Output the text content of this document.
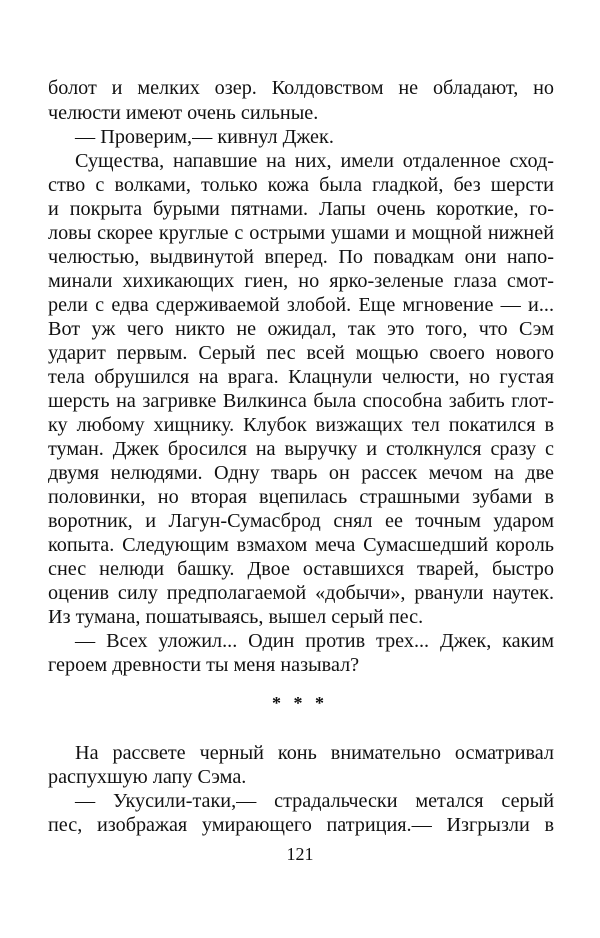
болот и мелких озер. Колдовством не обладают, но
челюсти имеют очень сильные.
— Проверим,— кивнул Джек.
Существа, напавшие на них, имели отдаленное сход-
ство с волками, только кожа была гладкой, без шерсти
и покрыта бурыми пятнами. Лапы очень короткие, го-
ловы скорее круглые с острыми ушами и мощной нижней
челюстью, выдвинутой вперед. По повадкам они напо-
минали хихикающих гиен, но ярко-зеленые глаза смот-
рели с едва сдерживаемой злобой. Еще мгновение — и...
Вот уж чего никто не ожидал, так это того, что Сэм
ударит первым. Серый пес всей мощью своего нового
тела обрушился на врага. Клацнули челюсти, но густая
шерсть на загривке Вилкинса была способна забить глот-
ку любому хищнику. Клубок визжащих тел покатился в
туман. Джек бросился на выручку и столкнулся сразу с
двумя нелюдями. Одну тварь он рассек мечом на две
половинки, но вторая вцепилась страшными зубами в
воротник, и Лагун-Сумасброд снял ее точным ударом
копыта. Следующим взмахом меча Сумасшедший король
снес нелюди башку. Двое оставшихся тварей, быстро
оценив силу предполагаемой «добычи», рванули наутек.
Из тумана, пошатываясь, вышел серый пес.
— Всех уложил... Один против трех... Джек, каким
героем древности ты меня называл?
* * *
На рассвете черный конь внимательно осматривал
распухшую лапу Сэма.
— Укусили-таки,— страдальчески метался серый
пес, изображая умирающего патриция.— Изгрызли в
121
